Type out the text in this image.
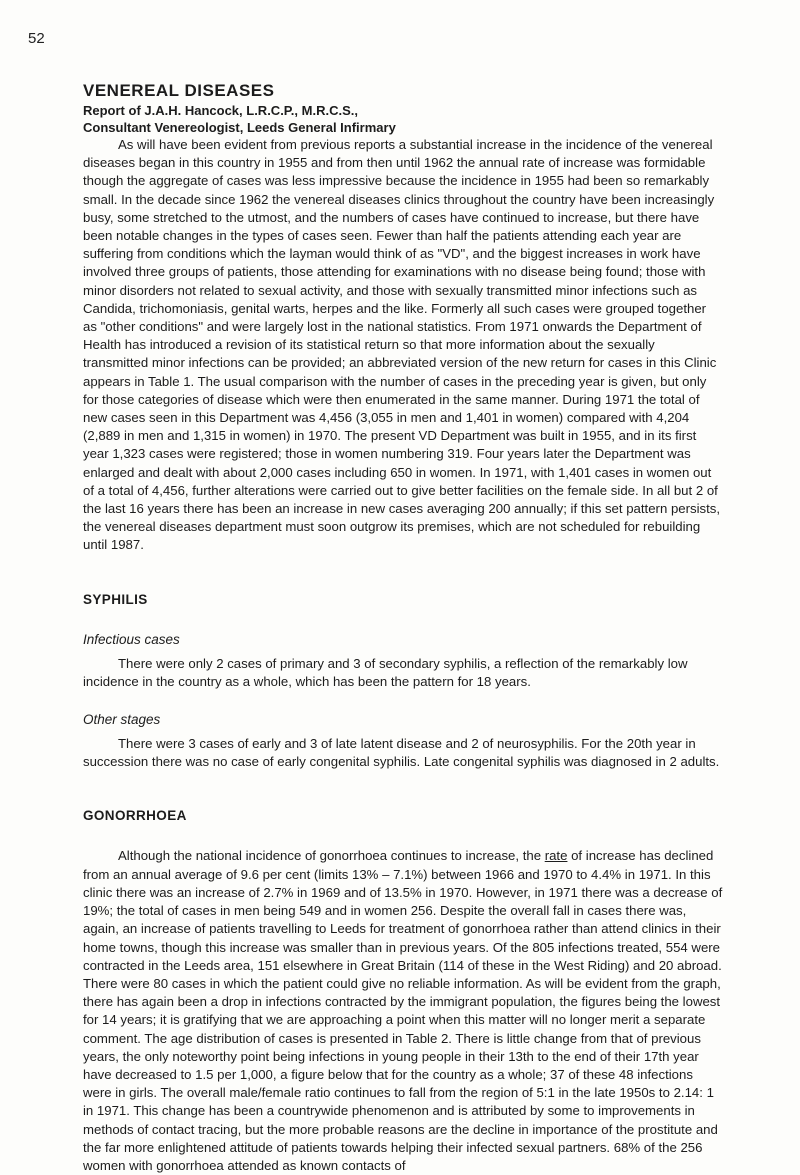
52
VENEREAL DISEASES

Report of J.A.H. Hancock, L.R.C.P., M.R.C.S.,

Consultant Venereologist, Leeds General Infirmary

As will have been evident from previous reports a substantial increase in the incidence of the venereal diseases began in this country in 1955 and from then until 1962 the annual rate of increase was formidable though the aggregate of cases was less impressive because the incidence in 1955 had been so remarkably small. In the decade since 1962 the venereal diseases clinics throughout the country have been increasingly busy, some stretched to the utmost, and the numbers of cases have continued to increase, but there have been notable changes in the types of cases seen. Fewer than half the patients attending each year are suffering from conditions which the layman would think of as "VD", and the biggest increases in work have involved three groups of patients, those attending for examinations with no disease being found; those with minor disorders not related to sexual activity, and those with sexually transmitted minor infections such as Candida, trichomoniasis, genital warts, herpes and the like. Formerly all such cases were grouped together as "other conditions" and were largely lost in the national statistics. From 1971 onwards the Department of Health has introduced a revision of its statistical return so that more information about the sexually transmitted minor infections can be provided; an abbreviated version of the new return for cases in this Clinic appears in Table 1. The usual comparison with the number of cases in the preceding year is given, but only for those categories of disease which were then enumerated in the same manner. During 1971 the total of new cases seen in this Department was 4,456 (3,055 in men and 1,401 in women) compared with 4,204 (2,889 in men and 1,315 in women) in 1970. The present VD Department was built in 1955, and in its first year 1,323 cases were registered; those in women numbering 319. Four years later the Department was enlarged and dealt with about 2,000 cases including 650 in women. In 1971, with 1,401 cases in women out of a total of 4,456, further alterations were carried out to give better facilities on the female side. In all but 2 of the last 16 years there has been an increase in new cases averaging 200 annually; if this set pattern persists, the venereal diseases department must soon outgrow its premises, which are not scheduled for rebuilding until 1987.

SYPHILIS
Infectious cases

There were only 2 cases of primary and 3 of secondary syphilis, a reflection of the remarkably low incidence in the country as a whole, which has been the pattern for 18 years.

Other stages

There were 3 cases of early and 3 of late latent disease and 2 of neurosyphilis. For the 20th year in succession there was no case of early congenital syphilis. Late congenital syphilis was diagnosed in 2 adults.

GONORRHOEA

Although the national incidence of gonorrhoea continues to increase, the rate of increase has declined from an annual average of 9.6 per cent (limits 13% – 7.1%) between 1966 and 1970 to 4.4% in 1971. In this clinic there was an increase of 2.7% in 1969 and of 13.5% in 1970. However, in 1971 there was a decrease of 19%; the total of cases in men being 549 and in women 256. Despite the overall fall in cases there was, again, an increase of patients travelling to Leeds for treatment of gonorrhoea rather than attend clinics in their home towns, though this increase was smaller than in previous years. Of the 805 infections treated, 554 were contracted in the Leeds area, 151 elsewhere in Great Britain (114 of these in the West Riding) and 20 abroad. There were 80 cases in which the patient could give no reliable information. As will be evident from the graph, there has again been a drop in infections contracted by the immigrant population, the figures being the lowest for 14 years; it is gratifying that we are approaching a point when this matter will no longer merit a separate comment. The age distribution of cases is presented in Table 2. There is little change from that of previous years, the only noteworthy point being infections in young people in their 13th to the end of their 17th year have decreased to 1.5 per 1,000, a figure below that for the country as a whole; 37 of these 48 infections were in girls. The overall male/female ratio continues to fall from the region of 5:1 in the late 1950s to 2.14: 1 in 1971. This change has been a countrywide phenomenon and is attributed by some to improvements in methods of contact tracing, but the more probable reasons are the decline in importance of the prostitute and the far more enlightened attitude of patients towards helping their infected sexual partners. 68% of the 256 women with gonorrhoea attended as known contacts of
